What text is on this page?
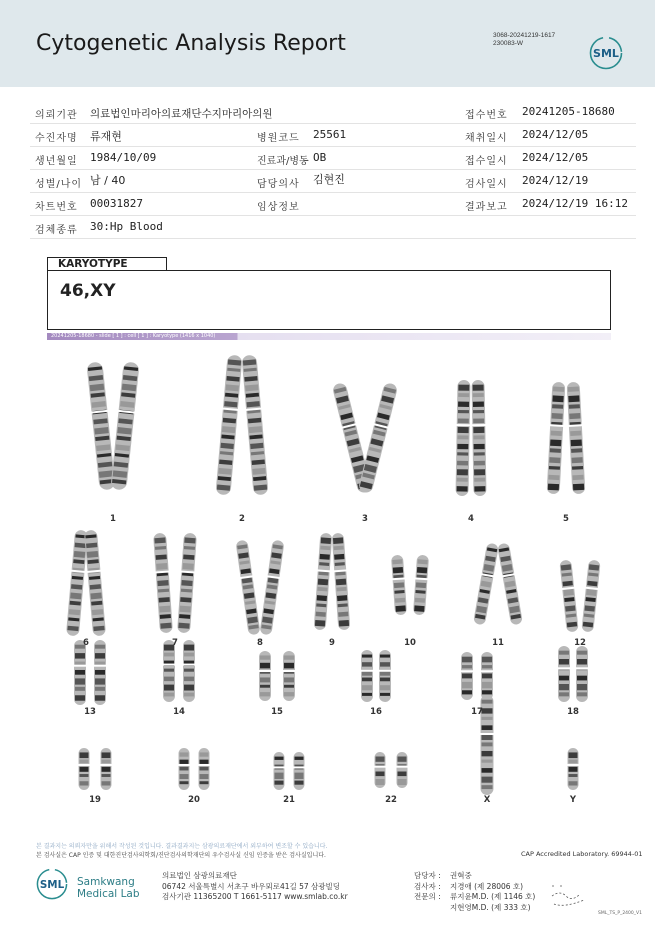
Cytogenetic Analysis Report	3068-20241219-1617
230083-W
SML
의뢰기관 의료법인마리아의료재단수지마리아의원	접수번호 20241205-18680
수진자명 류재현	병원코드 25561	채취일시 2024/12/05
생년월일 1984/10/09	진료과/병동 OB	접수일시 2024/12/05
성별/나이 남 / 40	담당의사 김현진	검사일시 2024/12/19
차트번호 00031827	임상정보	결과보고 2024/12/19 16:12
검체종류 30:Hp Blood
KARYOTYPE
46,XY
20241205-18680 - slide [ 1 ] : cell [ 1 ] : Karyotype (1416 x 1040)
1	2	3	4	5
6	7	8	9	10	11	12
13	14	15	16	17	18
19	20	21	22	X	Y
본 결과지는 의뢰자만을 위해서 작성된 것입니다. 결과결과지는 삼광의료재단에서 외부하여 변조할 수 있습니다.
본 검사실은 CAP 인증 및 대한진단검사의학회/진단검사의학재단의 우수검사실 신임 인증을 받은 검사실입니다.	CAP Accredited Laboratory. 69944-01
SML Samkwang
Medical Lab
의료법인 삼광의료재단
06742 서울특별시 서초구 바우뫼로41길 57 삼광빌딩
검사기관 11365200 T 1661-5117 www.smlab.co.kr
담당자 : 권혁중
검사자 : 지경애 (제 28006 호)
전문의 : 류지윤M.D. (제 1146 호)
지현영M.D. (제 333 호)
SML_TS_P_2400_V1
